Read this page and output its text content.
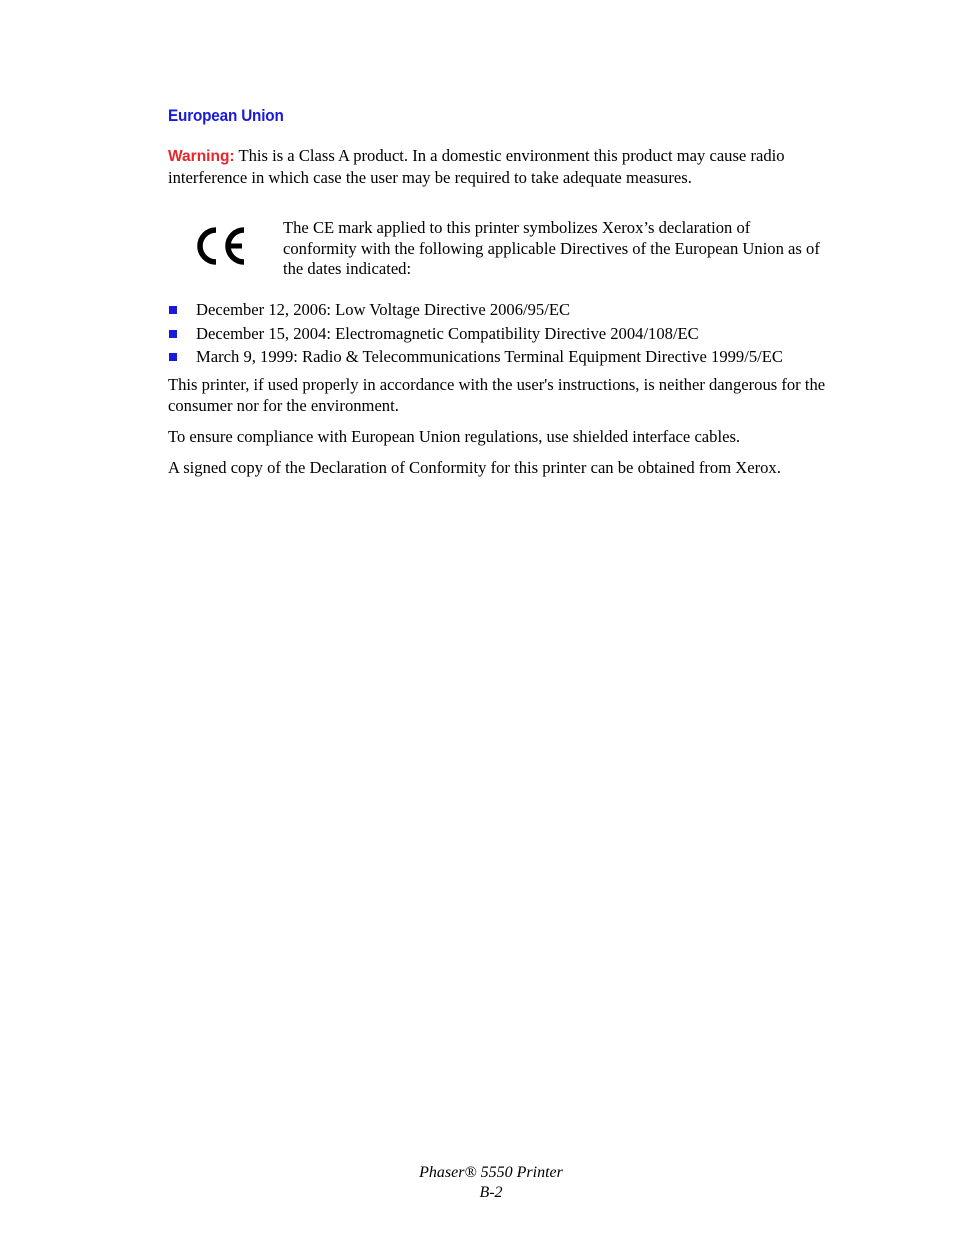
European Union
Warning: This is a Class A product. In a domestic environment this product may cause radio interference in which case the user may be required to take adequate measures.
The CE mark applied to this printer symbolizes Xerox’s declaration of conformity with the following applicable Directives of the European Union as of the dates indicated:
December 12, 2006: Low Voltage Directive 2006/95/EC
December 15, 2004: Electromagnetic Compatibility Directive 2004/108/EC
March 9, 1999: Radio & Telecommunications Terminal Equipment Directive 1999/5/EC
This printer, if used properly in accordance with the user's instructions, is neither dangerous for the consumer nor for the environment.
To ensure compliance with European Union regulations, use shielded interface cables.
A signed copy of the Declaration of Conformity for this printer can be obtained from Xerox.
Phaser® 5550 Printer
B-2
